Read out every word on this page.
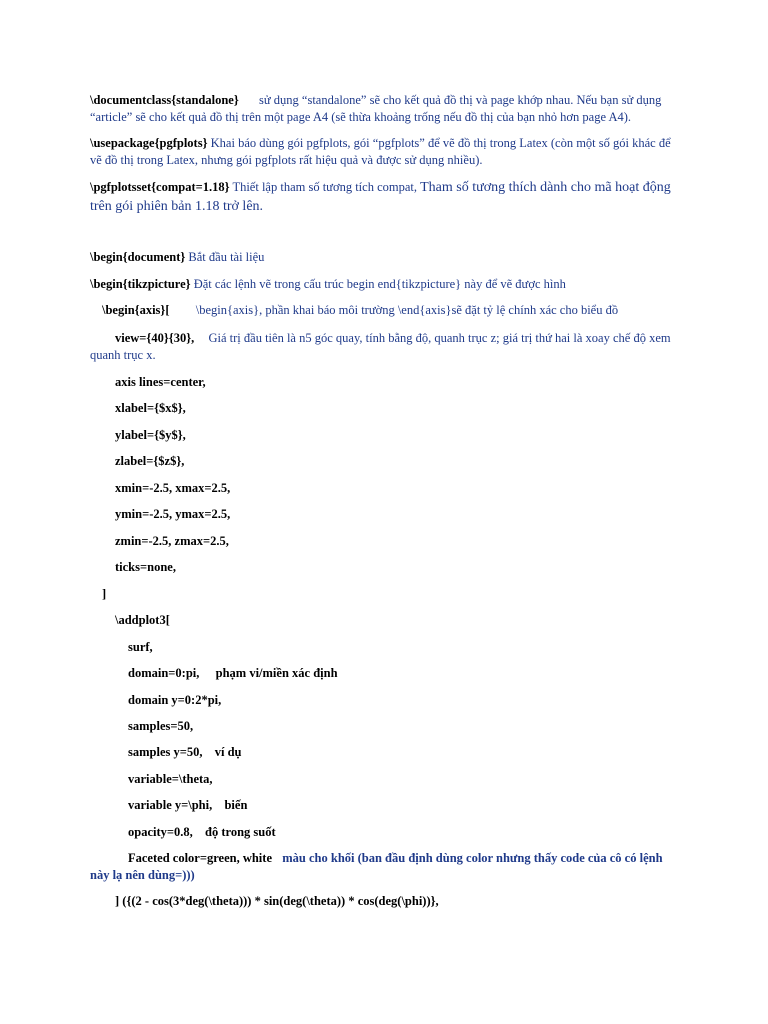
\documentclass{standalone} sử dụng “standalone” sẽ cho kết quả đồ thị và page khớp nhau. Nếu bạn sử dụng “article” sẽ cho kết quả đồ thị trên một page A4 (sẽ thừa khoảng trống nếu đồ thị của bạn nhỏ hơn page A4).
\usepackage{pgfplots} Khai báo dùng gói pgfplots, gói “pgfplots” để vẽ đồ thị trong Latex (còn một số gói khác để vẽ đồ thị trong Latex, nhưng gói pgfplots rất hiệu quả và được sử dụng nhiều).
\pgfplotsset{compat=1.18} Thiết lập tham số tương tích compat, Tham số tương thích dành cho mã hoạt động trên gói phiên bản 1.18 trở lên.
\begin{document} Bắt đầu tài liệu
\begin{tikzpicture} Đặt các lệnh vẽ trong cấu trúc begin end{tikzpicture} này để vẽ được hình
\begin{axis}[ \begin{axis}, phần khai báo môi trường \end{axis}sẽ đặt tỷ lệ chính xác cho biểu đồ
view={40}{30}, Giá trị đầu tiên là n5 góc quay, tính bằng độ, quanh trục z; giá trị thứ hai là xoay chế độ xem quanh trục x.
axis lines=center,
xlabel={$x$},
ylabel={$y$},
zlabel={$z$},
xmin=-2.5, xmax=2.5,
ymin=-2.5, ymax=2.5,
zmin=-2.5, zmax=2.5,
ticks=none,
]
\addplot3[
surf,
domain=0:pi, phạm vi/miền xác định
domain y=0:2*pi,
samples=50,
samples y=50, ví dụ
variable=\theta,
variable y=\phi, biến
opacity=0.8, độ trong suốt
Faceted color=green, white màu cho khối (ban đầu định dùng color nhưng thấy code của cô có lệnh này lạ nên dùng=)))
] ({(2 - cos(3*deg(\theta))) * sin(deg(\theta)) * cos(deg(\phi))},
